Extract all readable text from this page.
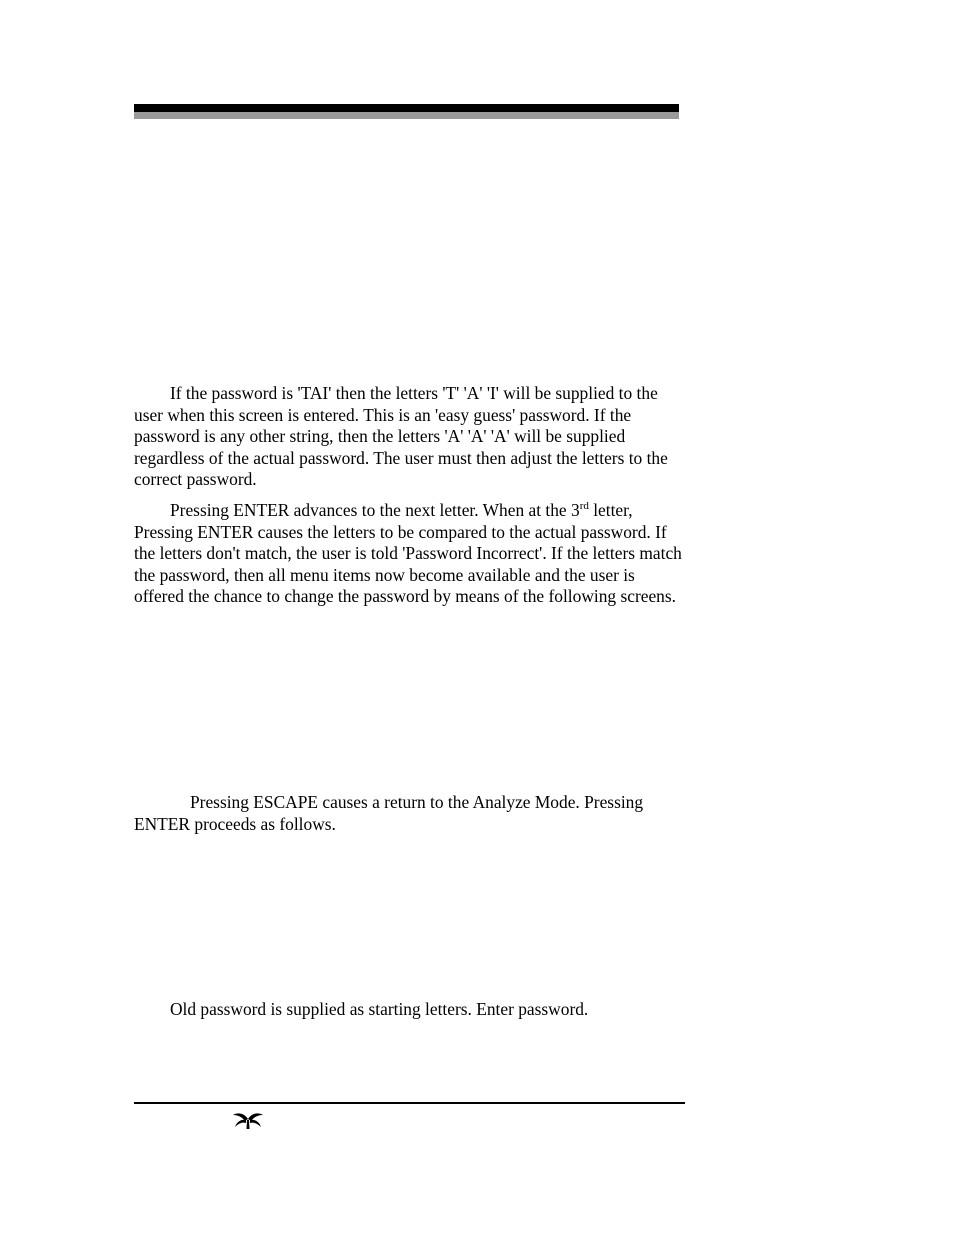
If the password is 'TAI' then the letters 'T' 'A' 'I' will be supplied to the user when this screen is entered. This is an 'easy guess' password. If the password is any other string, then the letters 'A' 'A' 'A' will be supplied regardless of the actual password. The user must then adjust the letters to the correct password.

Pressing ENTER advances to the next letter. When at the 3rd letter, Pressing ENTER causes the letters to be compared to the actual password. If the letters don't match, the user is told 'Password Incorrect'. If the letters match the password, then all menu items now become available and the user is offered the chance to change the password by means of the following screens.

Pressing ESCAPE causes a return to the Analyze Mode. Pressing ENTER proceeds as follows.

Old password is supplied as starting letters. Enter password.
